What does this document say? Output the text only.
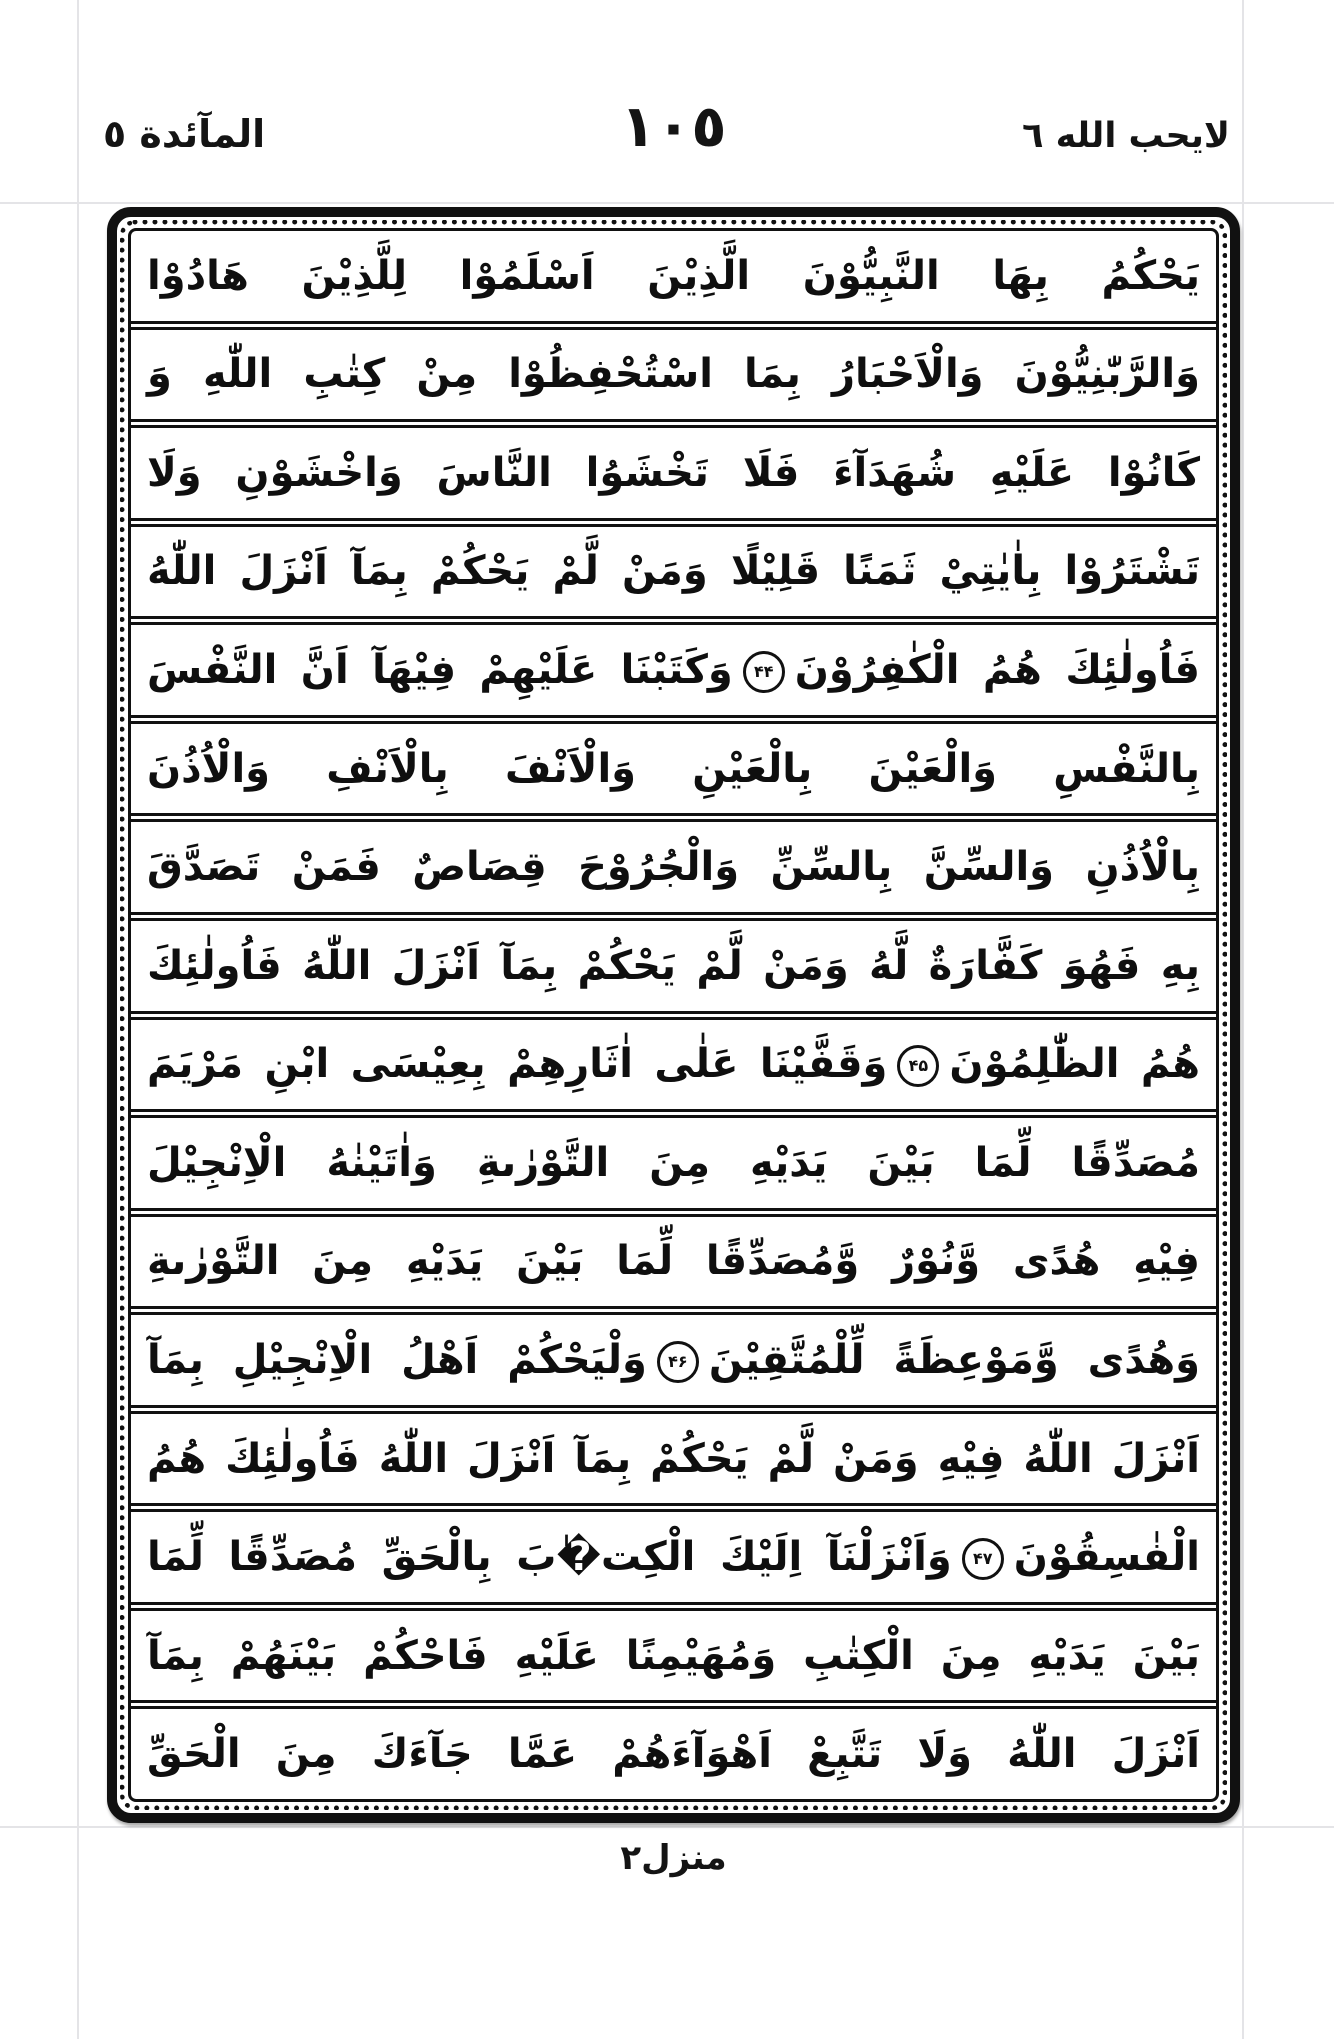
المآئدة ٥	١٠٥	لايحب الله ٦
يَحْكُمُ بِهَا النَّبِيُّوْنَ الَّذِيْنَ اَسْلَمُوْا لِلَّذِيْنَ هَادُوْا
وَالرَّبّٰنِيُّوْنَ وَالْاَحْبَارُ بِمَا اسْتُحْفِظُوْا مِنْ كِتٰبِ اللّٰهِ وَ
كَانُوْا عَلَيْهِ شُهَدَآءَ فَلَا تَخْشَوُا النَّاسَ وَاخْشَوْنِ وَلَا
تَشْتَرُوْا بِاٰيٰتِيْ ثَمَنًا قَلِيْلًا وَمَنْ لَّمْ يَحْكُمْ بِمَآ اَنْزَلَ اللّٰهُ
فَاُولٰئِكَ هُمُ الْكٰفِرُوْنَ۴۴وَكَتَبْنَا عَلَيْهِمْ فِيْهَآ اَنَّ النَّفْسَ
بِالنَّفْسِ وَالْعَيْنَ بِالْعَيْنِ وَالْاَنْفَ بِالْاَنْفِ وَالْاُذُنَ
بِالْاُذُنِ وَالسِّنَّ بِالسِّنِّ وَالْجُرُوْحَ قِصَاصٌ فَمَنْ تَصَدَّقَ
بِهِ فَهُوَ كَفَّارَةٌ لَّهُ وَمَنْ لَّمْ يَحْكُمْ بِمَآ اَنْزَلَ اللّٰهُ فَاُولٰئِكَ
هُمُ الظّٰلِمُوْنَ۴۵وَقَفَّيْنَا عَلٰى اٰثَارِهِمْ بِعِيْسَى ابْنِ مَرْيَمَ
مُصَدِّقًا لِّمَا بَيْنَ يَدَيْهِ مِنَ التَّوْرٰىةِ وَاٰتَيْنٰهُ الْاِنْجِيْلَ
فِيْهِ هُدًى وَّنُوْرٌ وَّمُصَدِّقًا لِّمَا بَيْنَ يَدَيْهِ مِنَ التَّوْرٰىةِ
وَهُدًى وَّمَوْعِظَةً لِّلْمُتَّقِيْنَ۴۶وَلْيَحْكُمْ اَهْلُ الْاِنْجِيْلِ بِمَآ
اَنْزَلَ اللّٰهُ فِيْهِ وَمَنْ لَّمْ يَحْكُمْ بِمَآ اَنْزَلَ اللّٰهُ فَاُولٰئِكَ هُمُ
الْفٰسِقُوْنَ۴۷وَاَنْزَلْنَآ اِلَيْكَ الْكِت�ٰبَ بِالْحَقِّ مُصَدِّقًا لِّمَا
بَيْنَ يَدَيْهِ مِنَ الْكِتٰبِ وَمُهَيْمِنًا عَلَيْهِ فَاحْكُمْ بَيْنَهُمْ بِمَآ
اَنْزَلَ اللّٰهُ وَلَا تَتَّبِعْ اَهْوَآءَهُمْ عَمَّا جَآءَكَ مِنَ الْحَقِّ
منزل٢
